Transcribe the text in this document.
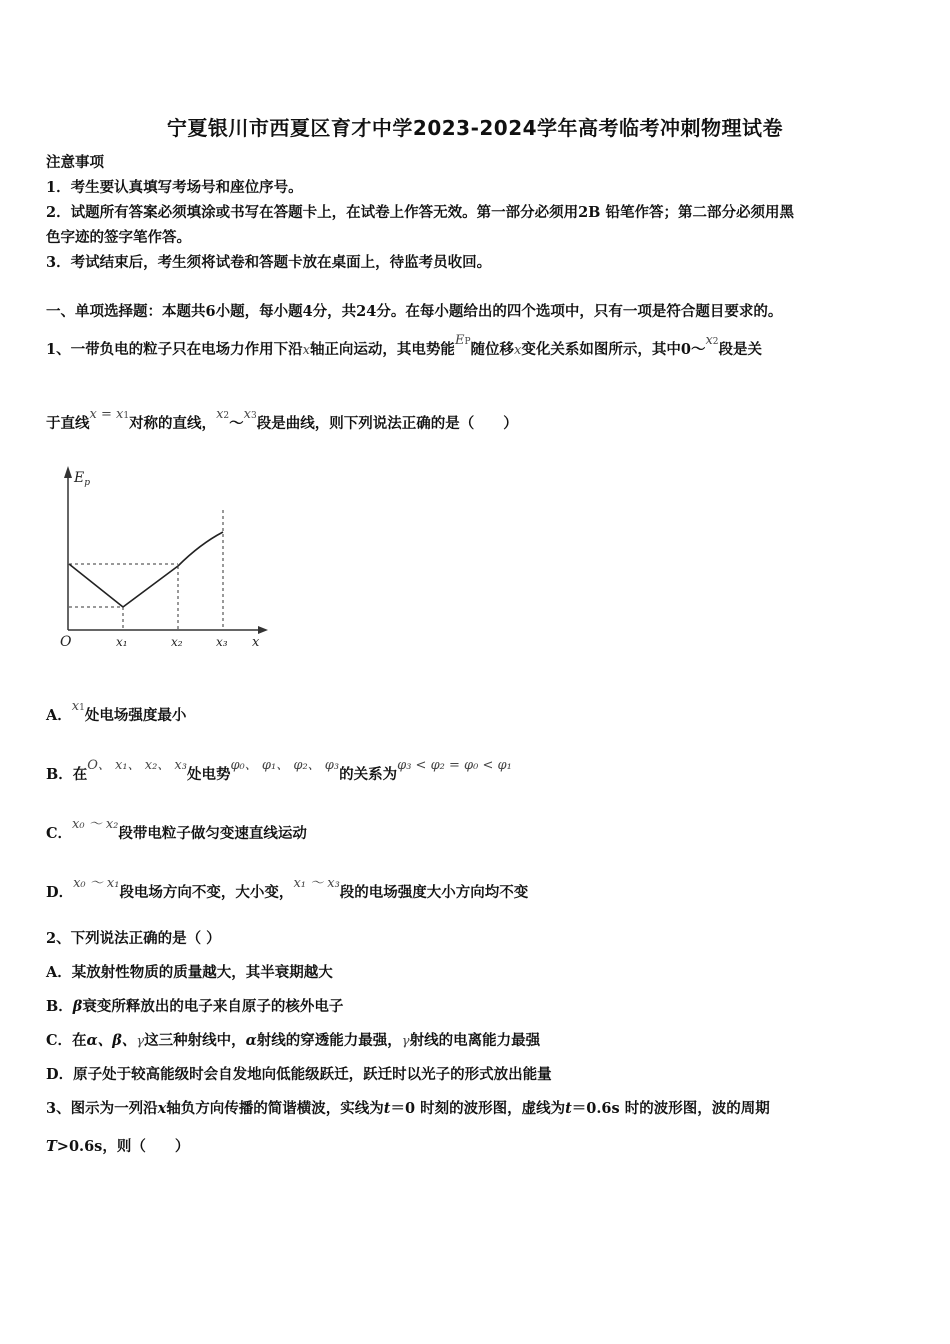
宁夏银川市西夏区育才中学2023-2024学年高考临考冲刺物理试卷
注意事项
1．考生要认真填写考场号和座位序号。
2．试题所有答案必须填涂或书写在答题卡上，在试卷上作答无效。第一部分必须用2B 铅笔作答；第二部分必须用黑
色字迹的签字笔作答。
3．考试结束后，考生须将试卷和答题卡放在桌面上，待监考员收回。
一、单项选择题：本题共6小题，每小题4分，共24分。在每小题给出的四个选项中，只有一项是符合题目要求的。
1、一带负电的粒子只在电场力作用下沿x轴正向运动，其电势能EP随位移x变化关系如图所示，其中0～x2段是关
于直线x = x1对称的直线，x2～x3段是曲线，则下列说法正确的是（　　）
$E_p$
O	x
x₁	x₂	x₃
A．x1处电场强度最小
B．在O、 x₁、 x₂、 x₃处电势φ₀、 φ₁、 φ₂、 φ₃的关系为φ₃ < φ₂ = φ₀ < φ₁
C．x₀ ～ x₂段带电粒子做匀变速直线运动
D．x₀ ～ x₁段电场方向不变，大小变，x₁ ～ x₃段的电场强度大小方向均不变
2、下列说法正确的是（ ）
A．某放射性物质的质量越大，其半衰期越大
B．β衰变所释放出的电子来自原子的核外电子
C．在α、β、γ这三种射线中，α射线的穿透能力最强，γ射线的电离能力最强
D．原子处于较高能级时会自发地向低能级跃迁，跃迁时以光子的形式放出能量
3、图示为一列沿x轴负方向传播的简谐横波，实线为t＝0 时刻的波形图，虚线为t＝0.6s 时的波形图，波的周期
T>0.6s，则（　　）
